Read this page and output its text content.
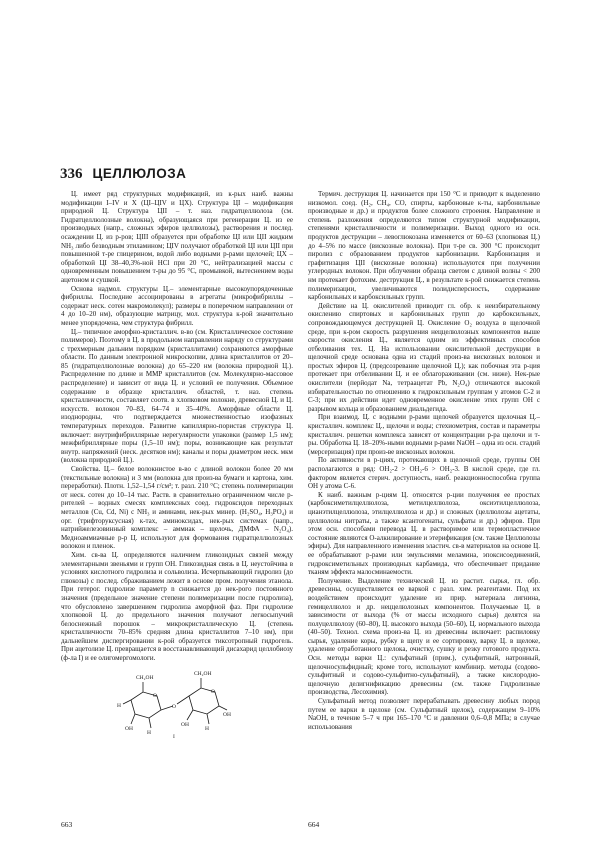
336 ЦЕЛЛЮЛОЗА

Ц. имеет ряд структурных модификаций, из к-рых наиб. важны модификации I–IV и X (ЦI–ЦIV и ЦX). Структура ЦI – модификация природной Ц. Структура ЦII – т. наз. гидратцеллюлоза (см. Гидратцеллюлозные волокна), образующаяся при регенерации Ц. из ее производных (напр., сложных эфиров целлюлозы), растворения и послед. осаждении Ц. из р-ров; ЦIII образуется при обработке ЦI или ЦII жидким NH₃ либо безводным этиламином; ЦIV получают обработкой ЦI или ЦII при повышенной т-ре глицерином, водой либо водными р-рами щелочей; ЦX – обработкой ЦI 38–40,3%-ной HCl при 20 °С, нейтрализацией массы с одновременным повышением т-ры до 95 °С, промывкой, вытеснением воды ацетоном и сушкой.

Основа надмол. структуры Ц.– элементарные высокоупорядоченные фибриллы. Последние ассоциированы в агрегаты (микрофибриллы – содержат неск. сотен макромолекул); размеры в поперечном направлении от 4 до 10–20 нм), образующие матрицу, мол. структура к-рой значительно менее упорядочена, чем структура фибрилл.

Ц.– типичное аморфно-кристаллич. в-во (см. Кристаллическое состояние полимеров). Поэтому в Ц. в продольном направлении наряду со структурами с трехмерным дальним порядком (кристаллитами) сохраняются аморфные области. По данным электронной микроскопии, длина кристаллитов от 20–85 (гидратцеллюлозные волокна) до 65–220 нм (волокна природной Ц.). Распределение по длине и ММР кристаллитов (см. Молекулярно-массовое распределение) и зависит от вида Ц. и условий ее получения. Объемное содержание в образце кристаллич. областей, т. наз. степень кристалличности, составляет соотв. в хлопковом волокне, древесной Ц. и Ц. искусств. волокон 70–83, 64–74 и 35–40%. Аморфные области Ц. изоднородны, что подтверждается множественностью изофазных температурных переходов. Развитие капиллярно-пористая структура Ц. включает: внутрифибриллярные нерегулярности упаковки (размер 1,5 нм); межфибриллярные поры (1,5–10 нм); поры, возникающие как результат внутр. напряжений (неск. десятков нм); каналы и поры диаметром неск. мкм (волокна природной Ц.).

Свойства. Ц.– белое волокнистое в-во с длиной волокон более 20 мм (текстильные волокна) и 3 мм (волокна для произ-ва бумаги и картона, хим. переработки). Плотн. 1,52–1,54 г/см³; т. разл. 210 °С; степень полимеризации от неск. сотен до 10–14 тыс. Раств. в сравнительно ограниченном числе р-рителей – водных смесях комплексных соед. гидроксидов переходных металлов (Cu, Cd, Ni) с NH₃ и аминами, нек-рых минер. (H₂SO₄, H₃PO₄) и орг. (трифторуксусная) к-тах, аминоксидах, нек-рых системах (напр., натрийжелезовинный комплекс – аммиак – щелочь, ДМФА – N₂O₄). Медноаммиачные р-р Ц. используют для формования гидратцеллюлозных волокон и пленок.

Хим. св-ва Ц. определяются наличием гликозидных связей между элементарными звеньями и групп OH. Гликозидная связь в Ц. неустойчива в условиях кислотного гидролиза и сольволиза. Исчерпывающий гидролиз (до глюкозы) с послед. сбраживанием лежит в основе пром. получения этанола. При гетерог. гидролизе параметр n снижается до нек-рого постоянного значения (предельное значение степени полимеризации после гидролиза), что обусловлено завершением гидролиза аморфной фаз. При гидролизе хлопковой Ц. до предельного значения получают легкосыпучий белоснежный порошок – микрокристаллическую Ц. (степень кристалличности 70–85% средняя длина кристаллитов 7–10 нм), при дальнейшем диспергировании к-рой образуется тиксотропный гидрогель. При ацетолизе Ц. превращается в восстанавливающий дисахарид целлобиозу (ф-ла I) и ее олигомергомологи.

CH₂OH
CH₂OH
O
O
O
H
OH
H
H
OH
OH
I

Термич. деструкция Ц. начинается при 150 °С и приводит к выделению низкомол. соед. (H₂, CH₄, CO, спирты, карбоновые к-ты, карбонильные производные и др.) и продуктов более сложного строения. Направление и степень разложения определяются типом структурной модификации, степенями кристалличности и полимеризации. Выход одного из осн. продуктов деструкции – левоглюкозана изменяется от 60–63 (хлопковая Ц.) до 4–5% по массе (вискозные волокна). При т-ре св. 300 °С происходит пиролиз с образованием продуктов карбонизации. Карбонизация и графитизация ЦII (вискозные волокна) используются при получении углеродных волокон. При облучении образца светом с длиной волны < 200 нм протекает фотохим. деструкция Ц., в результате к-рой снижается степень полимеризации, увеличиваются полидисперсность, содержание карбонильных и карбоксильных групп.

Действие на Ц. окислителей приводит гл. обр. к неизбирательному окислению спиртовых и карбонильных групп до карбоксильных, сопровождающемуся деструкцией Ц. Окисление O₂ воздуха в щелочной среде, при к-ром скорость разрушения неццелюлозных компонентов выше скорости окисления Ц., является одним из эффективных способов отбеливания тех. Ц. На использовании окислительной деструкции в щелочной среде основана одна из стадий произ-ва вискозных волокон и простых эфиров Ц. (предсозревание щелочной Ц.); как побочная эта р-ция протекает при отбеливании Ц. и ее облагораживании (см. ниже). Нек-рые окислители (перйодат Na, тетраацетат Pb, N₂O₄) отличаются высокой избирательностью по отношению к гидроксильным группам у атомов С-2 и С-3; при их действии идет одновременное окисление этих групп OH с разрывом кольца и образованием диальдегида.

При взаимод. Ц. с водными р-рами щелочей образуется щелочная Ц.– кристаллич. комплекс Ц., щелочи и воды; стехиометрия, состав и параметры кристаллич. решетки комплекса зависят от концентрации р-ра щелочи и т-ры. Обработка Ц. 18–20%-ными водными р-рами NaOH – одна из осн. стадий (мерсеризация) при произ-ве вискозных волокон.

По активности в р-циях, протекающих в щелочной среде, группы OH располагаются в ряд: OH₂-2 > OH₂-6 > OH₂-3. В кислой среде, где гл. фактором является стерич. доступность, наиб. реакционноспособна группа OH у атома С-6.

К наиб. важным р-циям Ц. относятся р-ции получения ее простых (карбоксиметилцеллюлоза, метилцеллюлоза, оксиэтилцеллюлоза, цианэтилцеллюлоза, этилцеллюлоза и др.) и сложных (целлюлозы ацетаты, целлюлозы нитраты, а также ксантогенаты, сульфаты и др.) эфиров. При этом осн. способами перевода Ц. в растворимое или термопластичное состояние являются О-алкилирование и этерификация (см. также Целлюлозы эфиры). Для направленного изменения эластич. св-в материалов на основе Ц. ее обрабатывают р-рами или эмульсиями меламина, эпоксисоединений, гидроксиметильных производных карбамида, что обеспечивает придание тканям эффекта малосминаемости.

Получение. Выделение технической Ц. из растит. сырья, гл. обр. древесины, осуществляется ее варкой с разл. хим. реагентами. Под их воздействием происходит удаление из прир. материала лигнина, гемицеллюлоз и др. неццелюлозных компонентов. Получаемые Ц. в зависимости от выхода (% от массы исходного сырья) делятся на полуцеллюлозу (60–80), Ц. высокого выхода (50–60), Ц. нормального выхода (40–50). Технол. схема произ-ва Ц. из древесины включает: распиловку сырья, удаление коры, рубку в щепу и ее сортировку, варку Ц. в щелоке, удаление отработанного щелока, очистку, сушку и резку готового продукта. Осн. методы варки Ц.: сульфатный (прим.), сульфитный, натронный, щелочносульфидный; кроме того, используют комбинир. методы (содово-сульфитный и содово-сульфитно-сульфатный), а также кислородно-щелочную делигнификацию древесины (см. также Гидролизные производства, Лесохимия).

Сульфатный метод позволяет перерабатывать древесину любых пород путем ее варки в щелоке (см. Сульфатный щелок), содержащем 9–10% NaOH, в течение 5–7 ч при 165–170 °С и давлении 0,6–0,8 МПа; в случае использования

663	664
